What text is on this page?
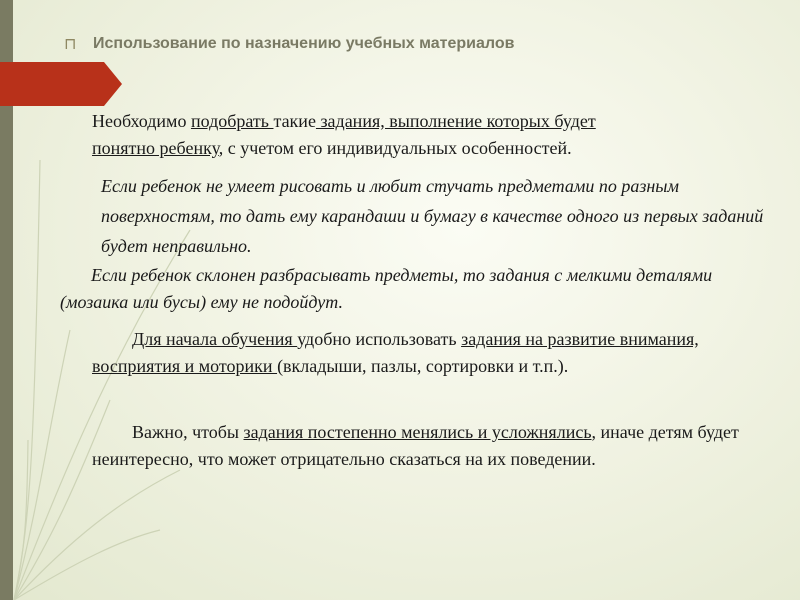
⊓ Использование по назначению учебных материалов

Необходимо подобрать такие задания, выполнение которых будет
понятно ребенку, с учетом его индивидуальных особенностей.

Если ребенок не умеет рисовать и любит стучать предметами по разным поверхностям, то дать ему карандаши и бумагу в качестве одного из первых заданий будет неправильно.

Если ребенок склонен разбрасывать предметы, то задания с мелкими деталями (мозаика или бусы) ему не подойдут.

Для начала обучения удобно использовать задания на развитие внимания, восприятия и моторики (вкладыши, пазлы, сортировки и т.п.).

Важно, чтобы задания постепенно менялись и усложнялись, иначе детям будет неинтересно, что может отрицательно сказаться на их поведении.
